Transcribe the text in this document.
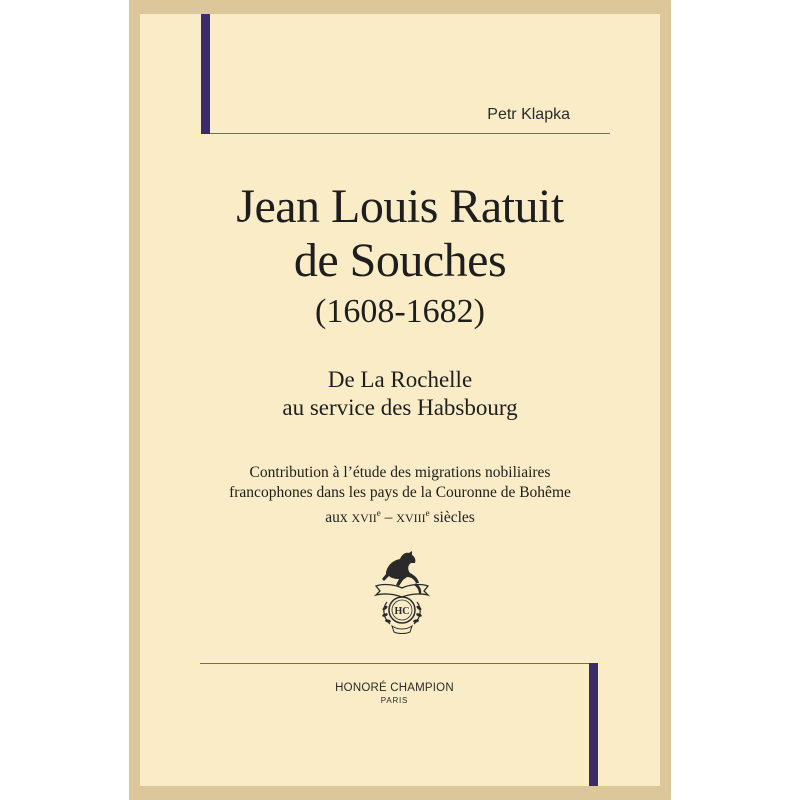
Petr Klapka
Jean Louis Ratuit
de Souches
(1608-1682)
De La Rochelle
au service des Habsbourg
Contribution à l’étude des migrations nobiliaires
francophones dans les pays de la Couronne de Bohême
aux XVIIe – XVIIIe siècles
HC
HONORÉ CHAMPION
PARIS
